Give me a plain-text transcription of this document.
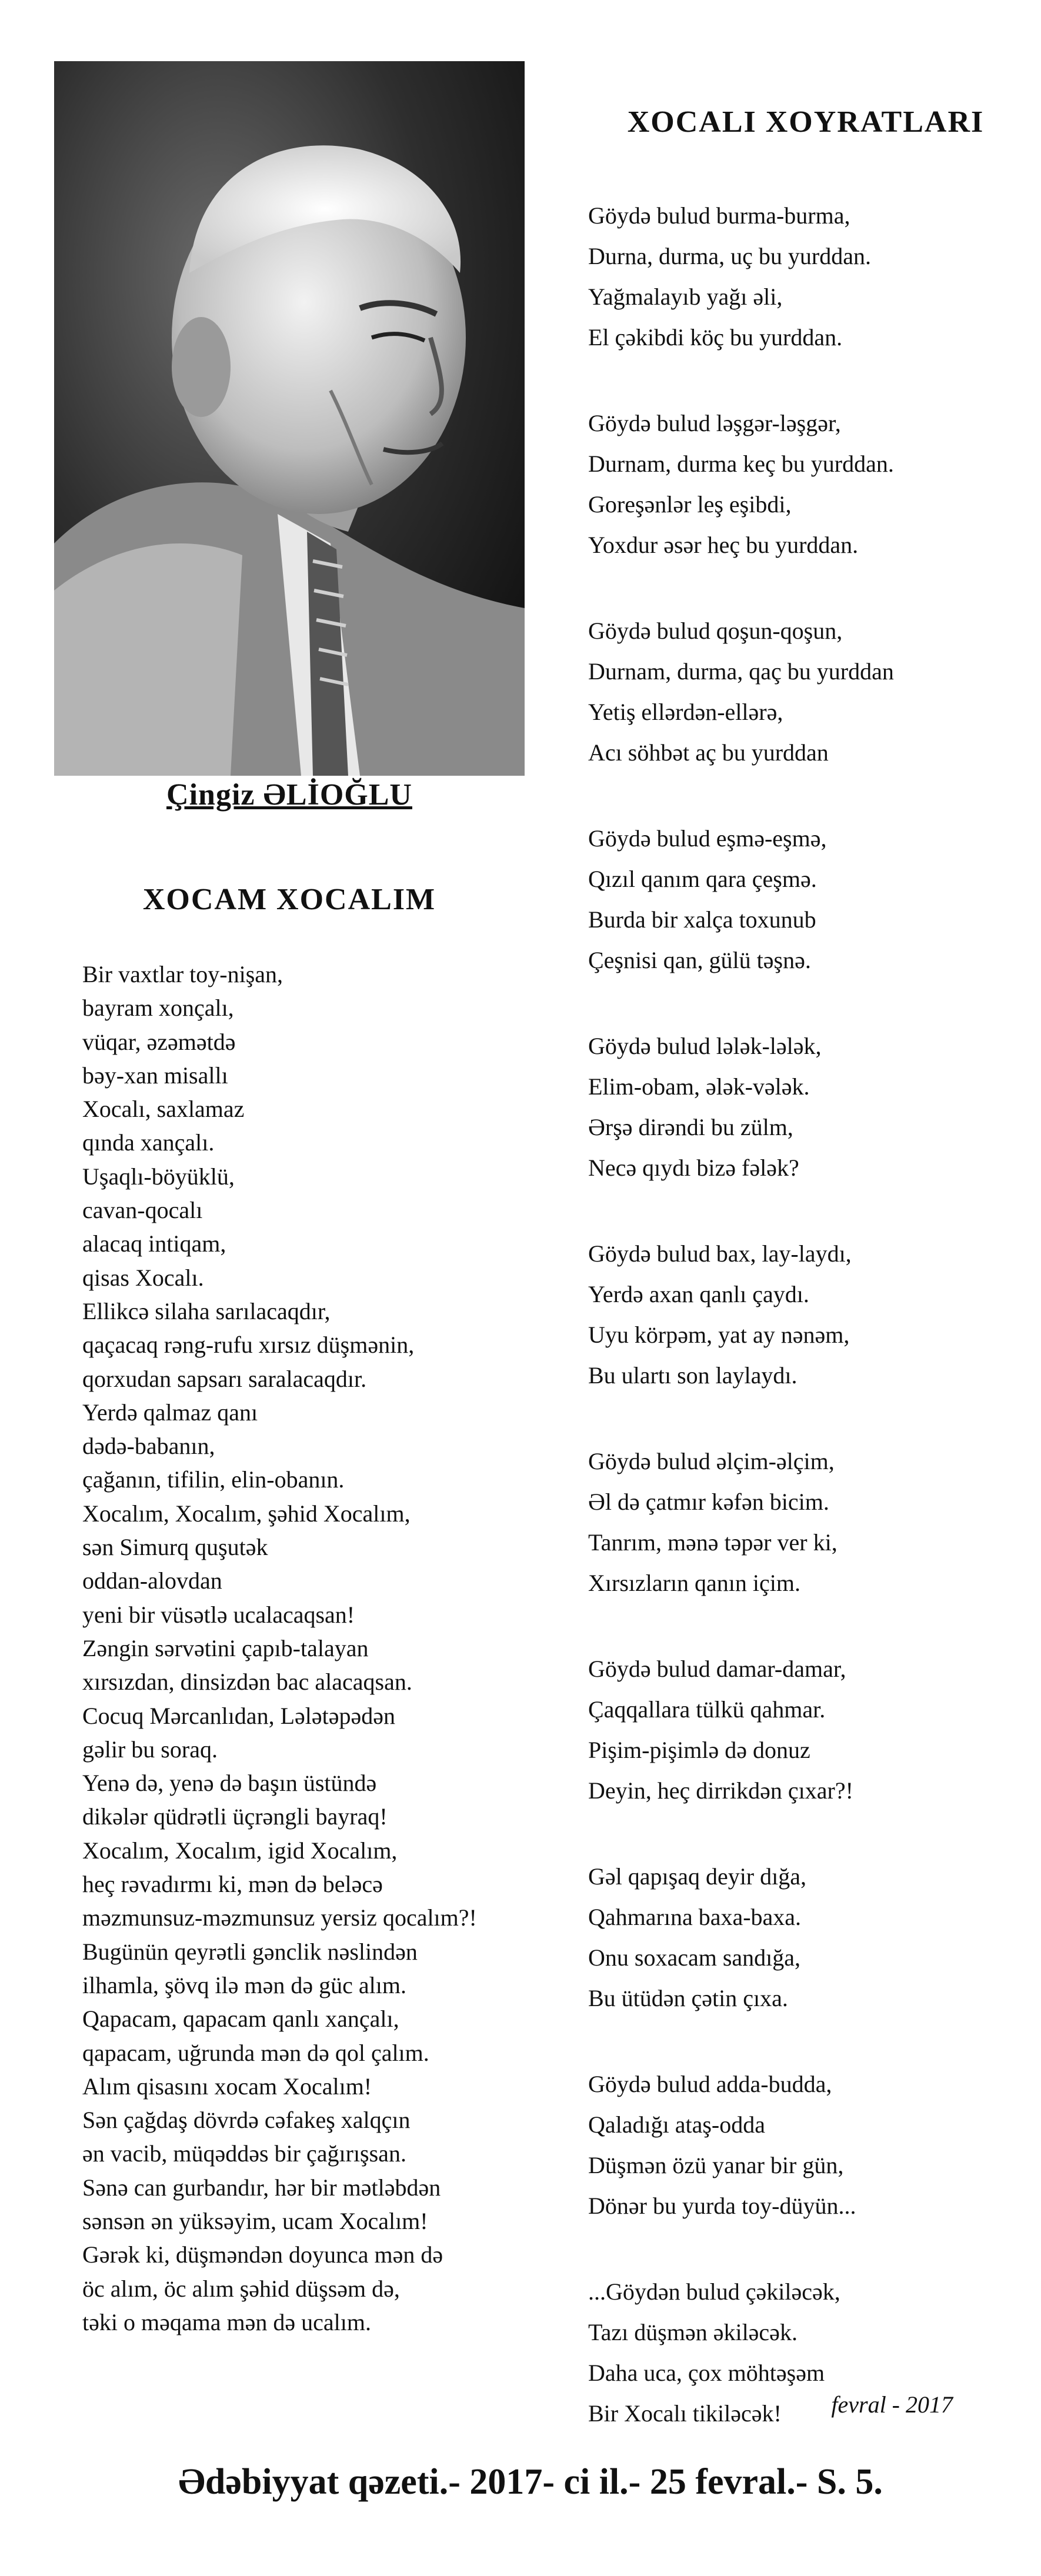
Çingiz ƏLİOĞLU
XOCAM XOCALIM
Bir vaxtlar toy-nişan,
bayram xonçalı,
vüqar, əzəmətdə
bəy-xan misallı
Xocalı, saxlamaz
qında xançalı.
Uşaqlı-böyüklü,
cavan-qocalı
alacaq intiqam,
qisas Xocalı.
Ellikcə silaha sarılacaqdır,
qaçacaq rəng-rufu xırsız düşmənin,
qorxudan sapsarı saralacaqdır.
Yerdə qalmaz qanı
dədə-babanın,
çağanın, tifilin, elin-obanın.
Xocalım, Xocalım, şəhid Xocalım,
sən Simurq quşutək
oddan-alovdan
yeni bir vüsətlə ucalacaqsan!
Zəngin sərvətini çapıb-talayan
xırsızdan, dinsizdən bac alacaqsan.
Cocuq Mərcanlıdan, Lələtəpədən
gəlir bu soraq.
Yenə də, yenə də başın üstündə
dikələr qüdrətli üçrəngli bayraq!
Xocalım, Xocalım, igid Xocalım,
heç rəvadırmı ki, mən də beləcə
məzmunsuz-məzmunsuz yersiz qocalım?!
Bugünün qeyrətli gənclik nəslindən
ilhamla, şövq ilə mən də güc alım.
Qapacam, qapacam qanlı xançalı,
qapacam, uğrunda mən də qol çalım.
Alım qisasını xocam Xocalım!
Sən çağdaş dövrdə cəfakeş xalqçın
ən vacib, müqəddəs bir çağırışsan.
Sənə can gurbandır, hər bir mətləbdən
sənsən ən yüksəyim, ucam Xocalım!
Gərək ki, düşməndən doyunca mən də
öc alım, öc alım şəhid düşsəm də,
təki o məqama mən də ucalım.
XOCALI XOYRATLARI
Göydə bulud burma-burma,
Durna, durma, uç bu yurddan.
Yağmalayıb yağı əli,
El çəkibdi köç bu yurddan.
Göydə bulud ləşgər-ləşgər,
Durnam, durma keç bu yurddan.
Goreşənlər leş eşibdi,
Yoxdur əsər heç bu yurddan.
Göydə bulud qoşun-qoşun,
Durnam, durma, qaç bu yurddan
Yetiş ellərdən-ellərə,
Acı söhbət aç bu yurddan
Göydə bulud eşmə-eşmə,
Qızıl qanım qara çeşmə.
Burda bir xalça toxunub
Çeşnisi qan, gülü təşnə.
Göydə bulud lələk-lələk,
Elim-obam, ələk-vələk.
Ərşə dirəndi bu zülm,
Necə qıydı bizə fələk?
Göydə bulud bax, lay-laydı,
Yerdə axan qanlı çaydı.
Uyu körpəm, yat ay nənəm,
Bu ulartı son laylaydı.
Göydə bulud əlçim-əlçim,
Əl də çatmır kəfən bicim.
Tanrım, mənə təpər ver ki,
Xırsızların qanın içim.
Göydə bulud damar-damar,
Çaqqallara tülkü qahmar.
Pişim-pişimlə də donuz
Deyin, heç dirrikdən çıxar?!
Gəl qapışaq deyir dığa,
Qahmarına baxa-baxa.
Onu soxacam sandığa,
Bu ütüdən çətin çıxa.
Göydə bulud adda-budda,
Qaladığı ataş-odda
Düşmən özü yanar bir gün,
Dönər bu yurda toy-düyün...
...Göydən bulud çəkiləcək,
Tazı düşmən əkiləcək.
Daha uca, çox möhtəşəm
Bir Xocalı tikiləcək!	fevral - 2017
Ədəbiyyat qəzeti.- 2017- ci il.- 25 fevral.- S. 5.
